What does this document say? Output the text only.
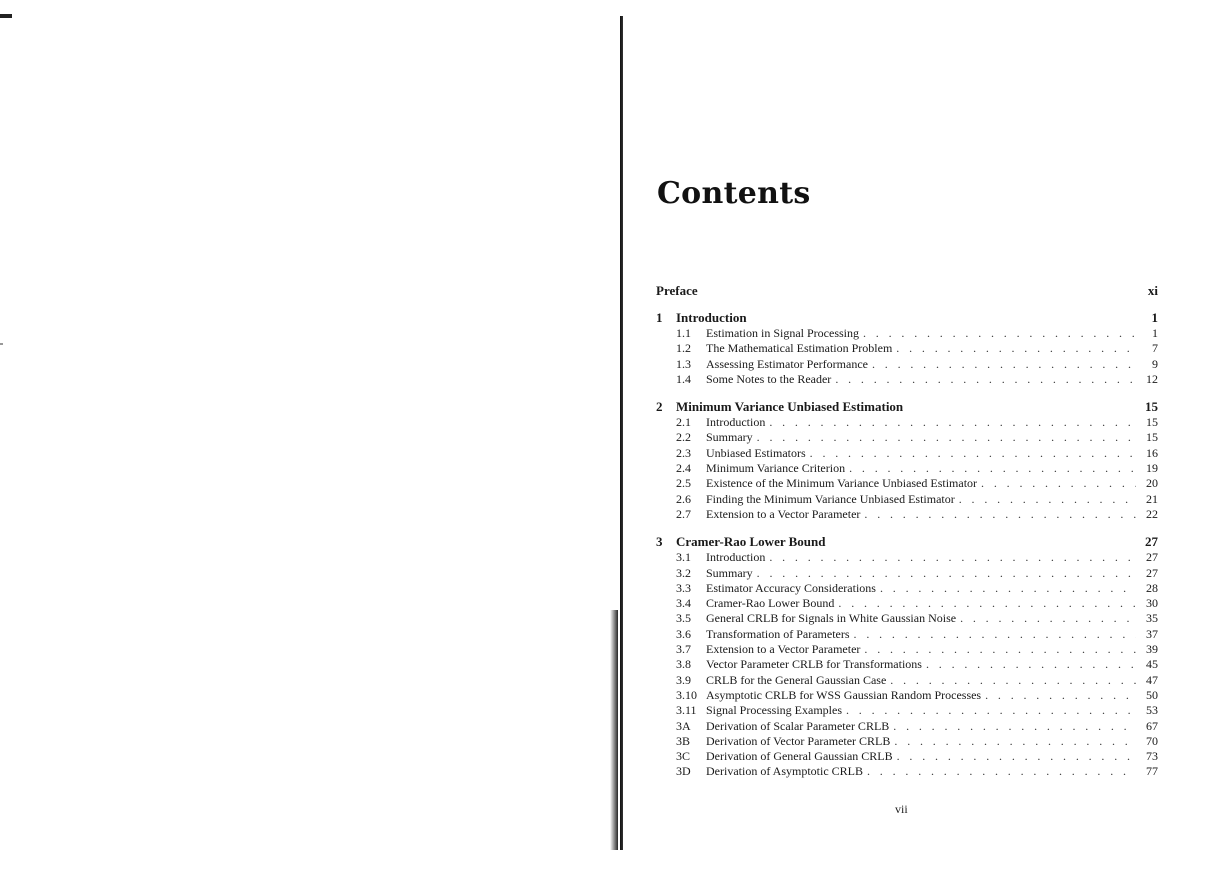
Contents
Preface	xi
1	Introduction	1
1.1	Estimation in Signal Processing . . .	1
1.2	The Mathematical Estimation Problem . . .	7
1.3	Assessing Estimator Performance . . .	9
1.4	Some Notes to the Reader . . .	12
2	Minimum Variance Unbiased Estimation	15
2.1	Introduction . . .	15
2.2	Summary . . .	15
2.3	Unbiased Estimators . . .	16
2.4	Minimum Variance Criterion . . .	19
2.5	Existence of the Minimum Variance Unbiased Estimator . . .	20
2.6	Finding the Minimum Variance Unbiased Estimator . . .	21
2.7	Extension to a Vector Parameter . . .	22
3	Cramer-Rao Lower Bound	27
3.1	Introduction . . .	27
3.2	Summary . . .	27
3.3	Estimator Accuracy Considerations . . .	28
3.4	Cramer-Rao Lower Bound . . .	30
3.5	General CRLB for Signals in White Gaussian Noise . . .	35
3.6	Transformation of Parameters . . .	37
3.7	Extension to a Vector Parameter . . .	39
3.8	Vector Parameter CRLB for Transformations . . .	45
3.9	CRLB for the General Gaussian Case . . .	47
3.10 Asymptotic CRLB for WSS Gaussian Random Processes . . .	50
3.11 Signal Processing Examples . . .	53
3A	Derivation of Scalar Parameter CRLB . . .	67
3B	Derivation of Vector Parameter CRLB . . .	70
3C	Derivation of General Gaussian CRLB . . .	73
3D	Derivation of Asymptotic CRLB . . .	77
vii
